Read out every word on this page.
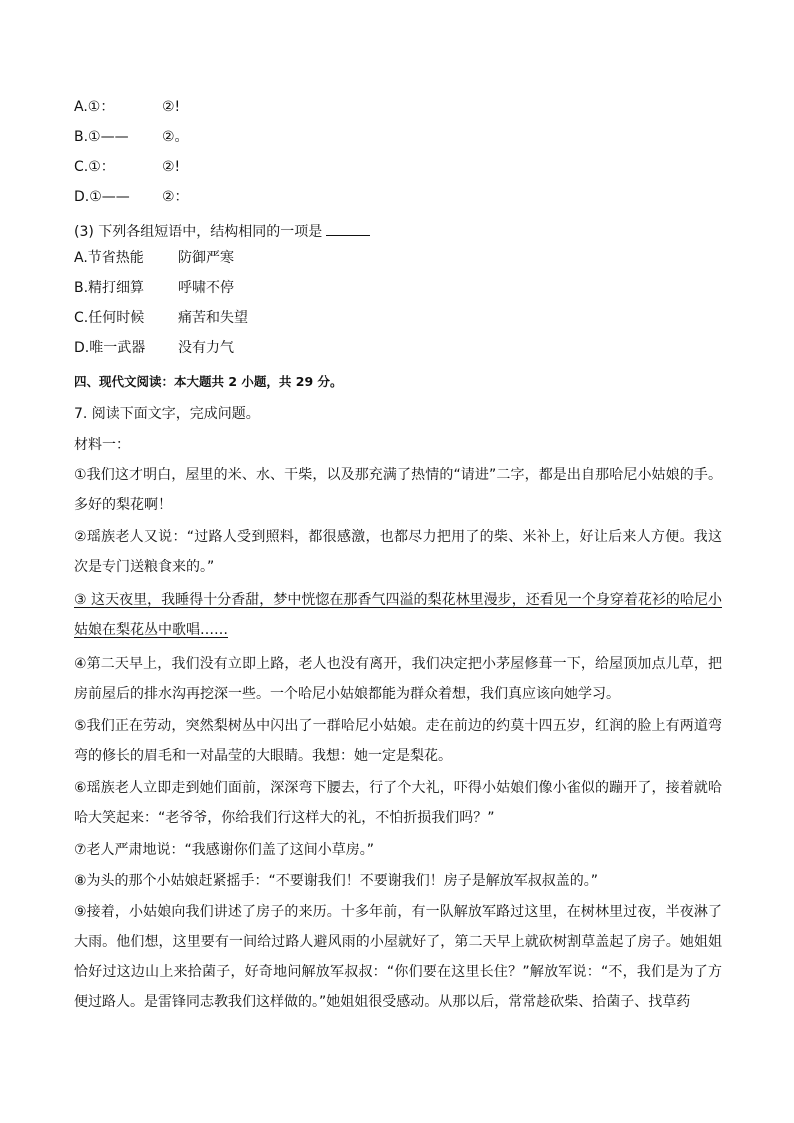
A.①：	②!
B.①—— ②。
C.①：	②!
D.①—— ②：
(3) 下列各组短语中，结构相同的一项是
A.节省热能 防御严寒
B.精打细算 呼啸不停
C.任何时候 痛苦和失望
D.唯一武器 没有力气
四、现代文阅读：本大题共 2 小题，共 29 分。
7. 阅读下面文字，完成问题。
材料一：
①我们这才明白，屋里的米、水、干柴，以及那充满了热情的“请进”二字，都是出自那哈尼小姑娘的手。多好的梨花啊！
②瑶族老人又说：“过路人受到照料，都很感激，也都尽力把用了的柴、米补上，好让后来人方便。我这次是专门送粮食来的。”
③ 这天夜里，我睡得十分香甜，梦中恍惚在那香气四溢的梨花林里漫步，还看见一个身穿着花衫的哈尼小姑娘在梨花丛中歌唱……
④第二天早上，我们没有立即上路，老人也没有离开，我们决定把小茅屋修葺一下，给屋顶加点儿草，把房前屋后的排水沟再挖深一些。一个哈尼小姑娘都能为群众着想，我们真应该向她学习。
⑤我们正在劳动，突然梨树丛中闪出了一群哈尼小姑娘。走在前边的约莫十四五岁，红润的脸上有两道弯弯的修长的眉毛和一对晶莹的大眼睛。我想：她一定是梨花。
⑥瑶族老人立即走到她们面前，深深弯下腰去，行了个大礼，吓得小姑娘们像小雀似的蹦开了，接着就哈哈大笑起来：“老爷爷，你给我们行这样大的礼，不怕折损我们吗？”
⑦老人严肃地说：“我感谢你们盖了这间小草房。”
⑧为头的那个小姑娘赶紧摇手：“不要谢我们！不要谢我们！房子是解放军叔叔盖的。”
⑨接着，小姑娘向我们讲述了房子的来历。十多年前，有一队解放军路过这里，在树林里过夜，半夜淋了大雨。他们想，这里要有一间给过路人避风雨的小屋就好了，第二天早上就砍树割草盖起了房子。她姐姐恰好过这边山上来拾菌子，好奇地问解放军叔叔：“你们要在这里长住？”解放军说：“不，我们是为了方便过路人。是雷锋同志教我们这样做的。”她姐姐很受感动。从那以后，常常趁砍柴、拾菌子、找草药
